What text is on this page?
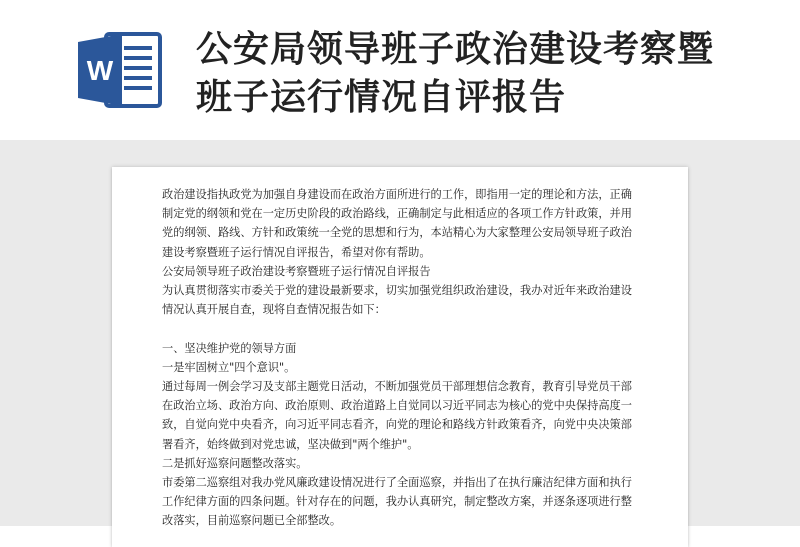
W
公安局领导班子政治建设考察暨
班子运行情况自评报告

政治建设指执政党为加强自身建设而在政治方面所进行的工作，即指用一定的理论和方法，正确制定党的纲领和党在一定历史阶段的政治路线，正确制定与此相适应的各项工作方针政策，并用党的纲领、路线、方针和政策统一全党的思想和行为，本站精心为大家整理公安局领导班子政治建设考察暨班子运行情况自评报告，希望对你有帮助。

公安局领导班子政治建设考察暨班子运行情况自评报告

为认真贯彻落实市委关于党的建设最新要求，切实加强党组织政治建设，我办对近年来政治建设情况认真开展自查，现将自查情况报告如下：

一、坚决维护党的领导方面

一是牢固树立"四个意识"。

通过每周一例会学习及支部主题党日活动，不断加强党员干部理想信念教育，教育引导党员干部在政治立场、政治方向、政治原则、政治道路上自觉同以习近平同志为核心的党中央保持高度一致，自觉向党中央看齐，向习近平同志看齐，向党的理论和路线方针政策看齐，向党中央决策部署看齐，始终做到对党忠诚，坚决做到"两个维护"。

二是抓好巡察问题整改落实。

市委第二巡察组对我办党风廉政建设情况进行了全面巡察，并指出了在执行廉洁纪律方面和执行工作纪律方面的四条问题。针对存在的问题，我办认真研究，制定整改方案，并逐条逐项进行整改落实，目前巡察问题已全部整改。
